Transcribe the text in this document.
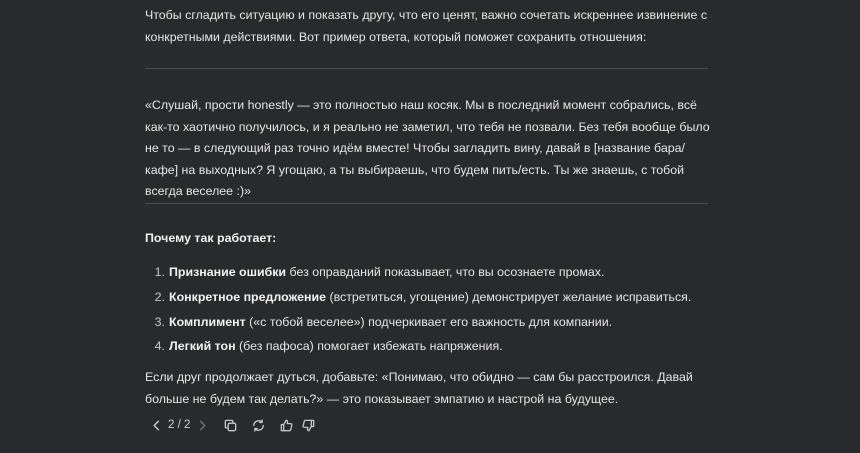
Чтобы сгладить ситуацию и показать другу, что его ценят, важно сочетать искреннее извинение с конкретными действиями. Вот пример ответа, который поможет сохранить отношения:

«Слушай, прости honestly — это полностью наш косяк. Мы в последний момент собрались, всё как-то хаотично получилось, и я реально не заметил, что тебя не позвали. Без тебя вообще было не то — в следующий раз точно идём вместе! Чтобы загладить вину, давай в [название бара/кафе] на выходных? Я угощаю, а ты выбираешь, что будем пить/есть. Ты же знаешь, с тобой всегда веселее :)»

Почему так работает:

1. Признание ошибки без оправданий показывает, что вы осознаете промах.
2. Конкретное предложение (встретиться, угощение) демонстрирует желание исправиться.
3. Комплимент («с тобой веселее») подчеркивает его важность для компании.
4. Легкий тон (без пафоса) помогает избежать напряжения.

Если друг продолжает дуться, добавьте: «Понимаю, что обидно — сам бы расстроился. Давай больше не будем так делать?» — это показывает эмпатию и настрой на будущее.

2 / 2
